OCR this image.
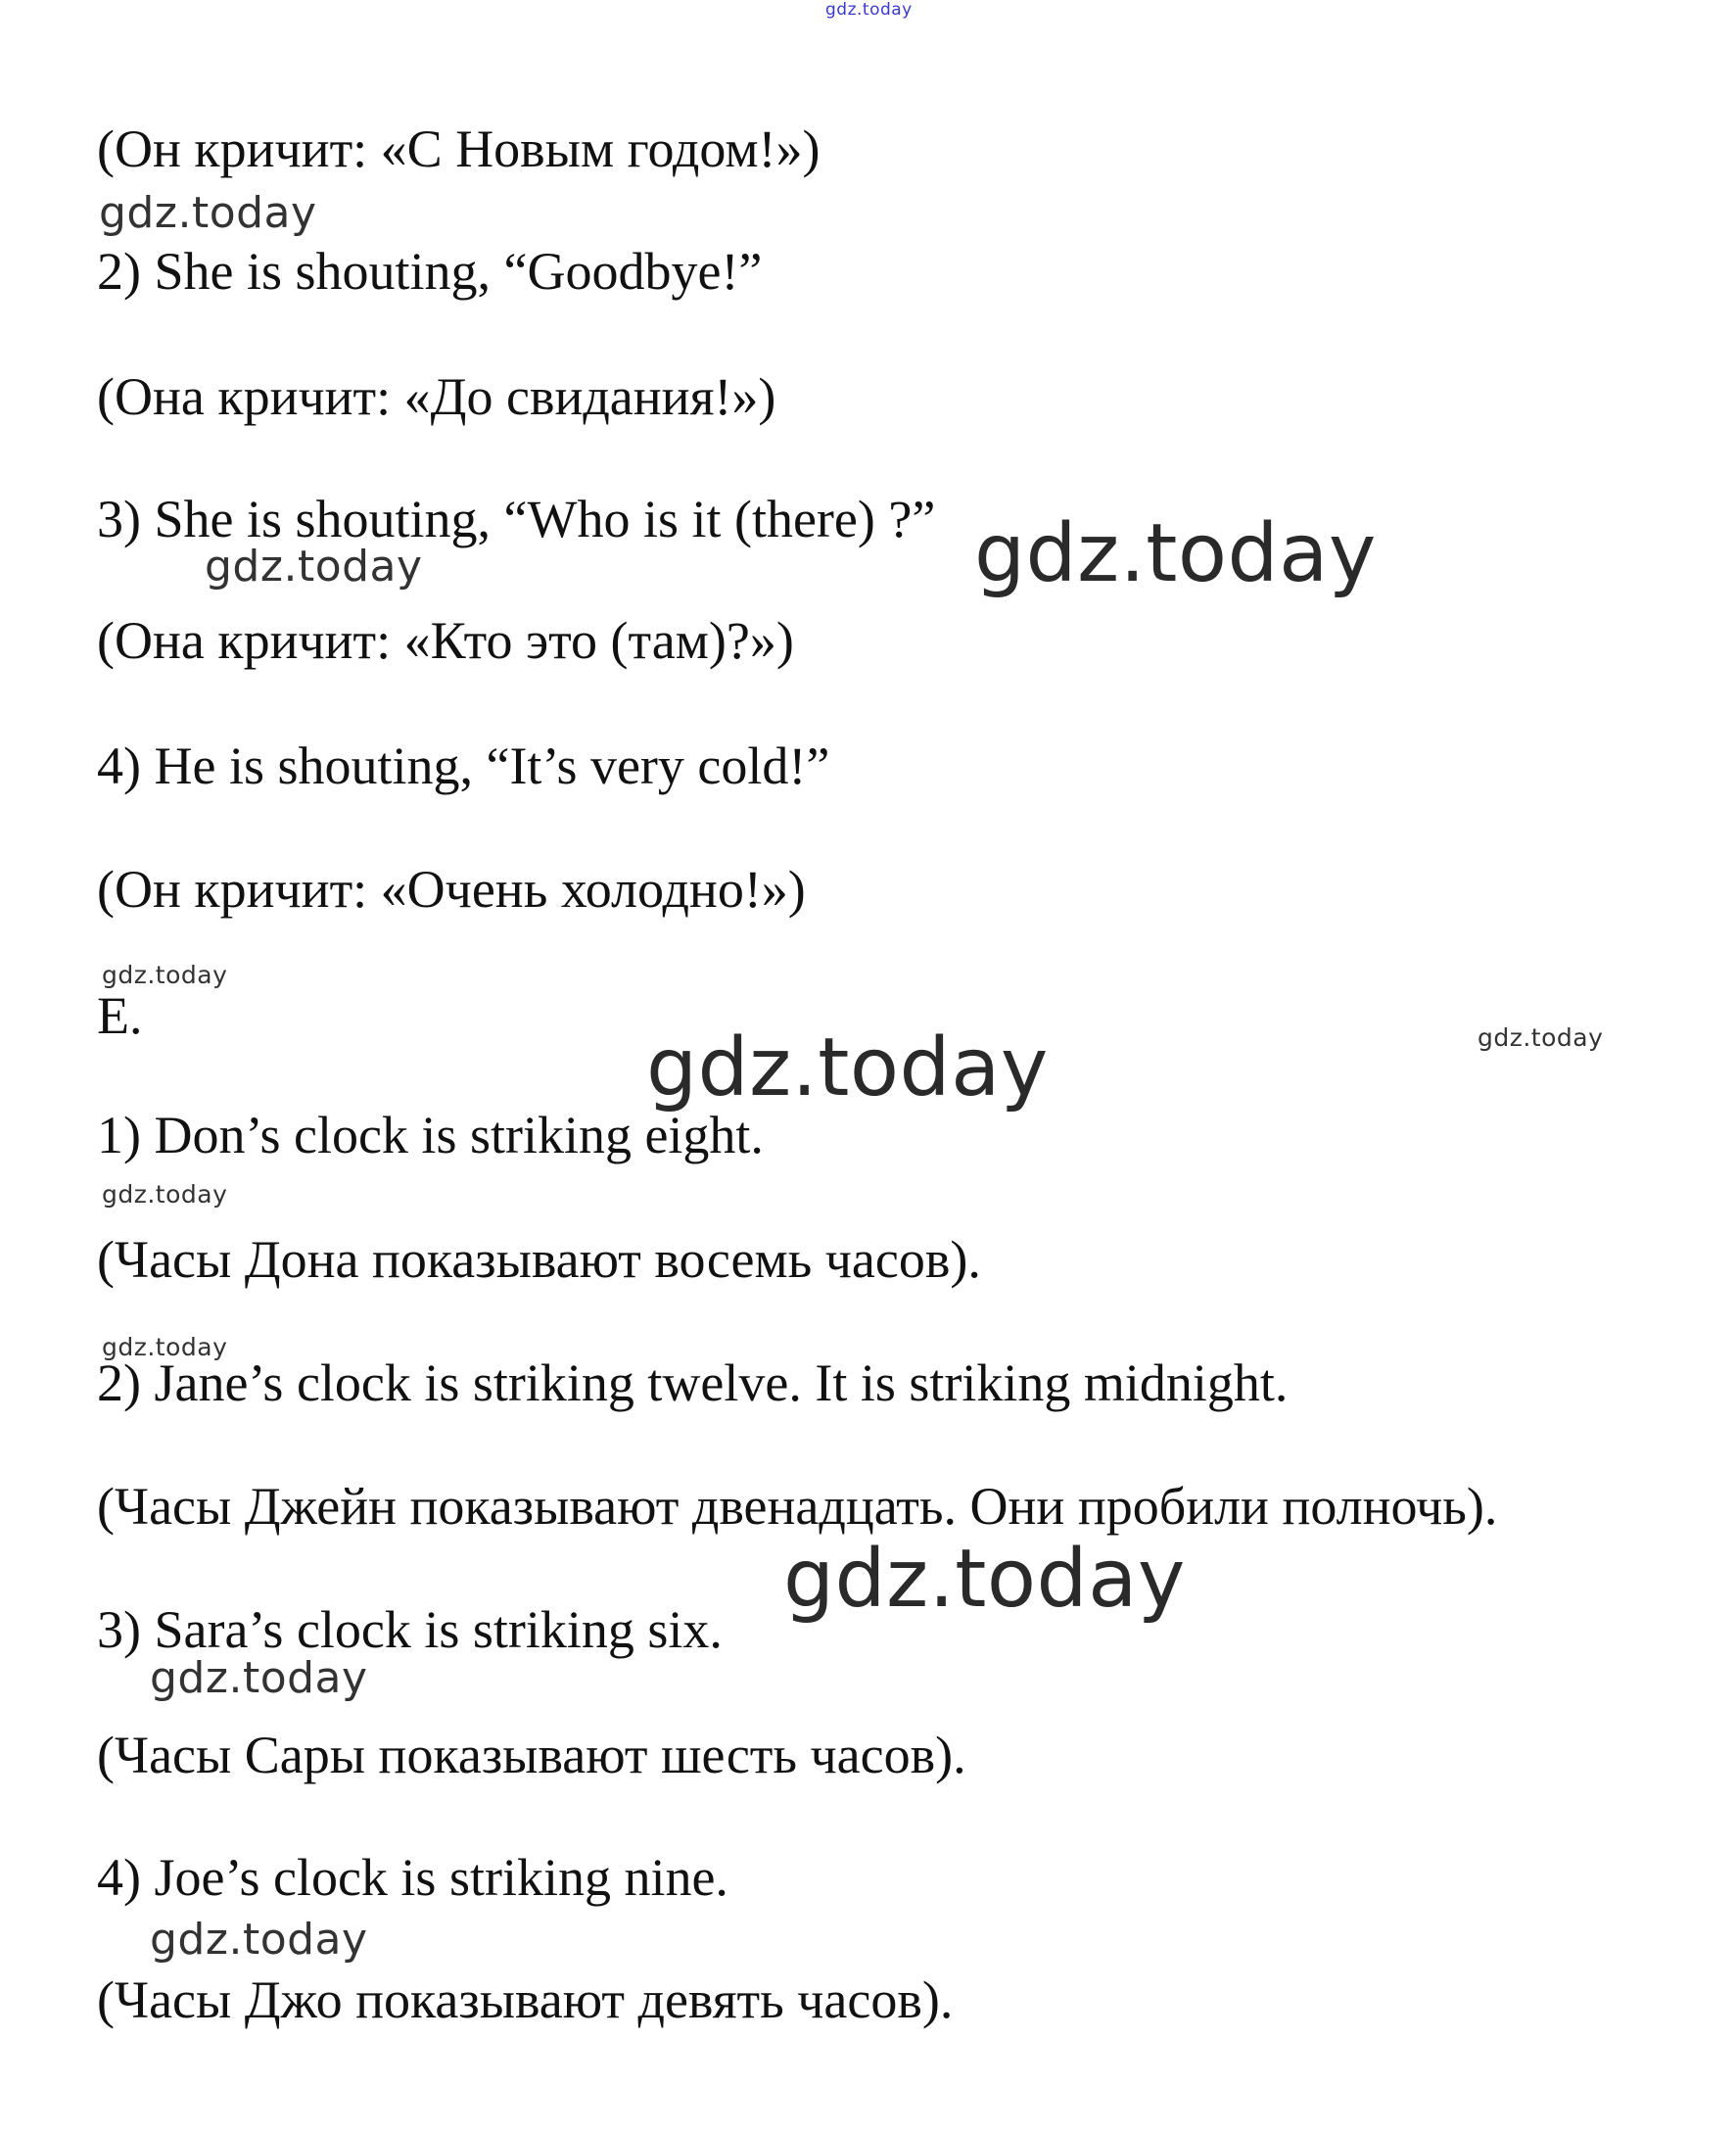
gdz.today
gdz.today
gdz.today	gdz.today
gdz.today
gdz.today
gdz.today
gdz.today
gdz.today
gdz.today
gdz.today
gdz.today
(Он кричит: «С Новым годом!»)
2) She is shouting, “Goodbye!”
(Она кричит: «До свидания!»)
3) She is shouting, “Who is it (there) ?”
(Она кричит: «Кто это (там)?»)
4) He is shouting, “It’s very cold!”
(Он кричит: «Очень холодно!»)
E.
1) Don’s clock is striking eight.
(Часы Дона показывают восемь часов).
2) Jane’s clock is striking twelve. It is striking midnight.
(Часы Джейн показывают двенадцать. Они пробили полночь).
3) Sara’s clock is striking six.
(Часы Сары показывают шесть часов).
4) Joe’s clock is striking nine.
(Часы Джо показывают девять часов).
